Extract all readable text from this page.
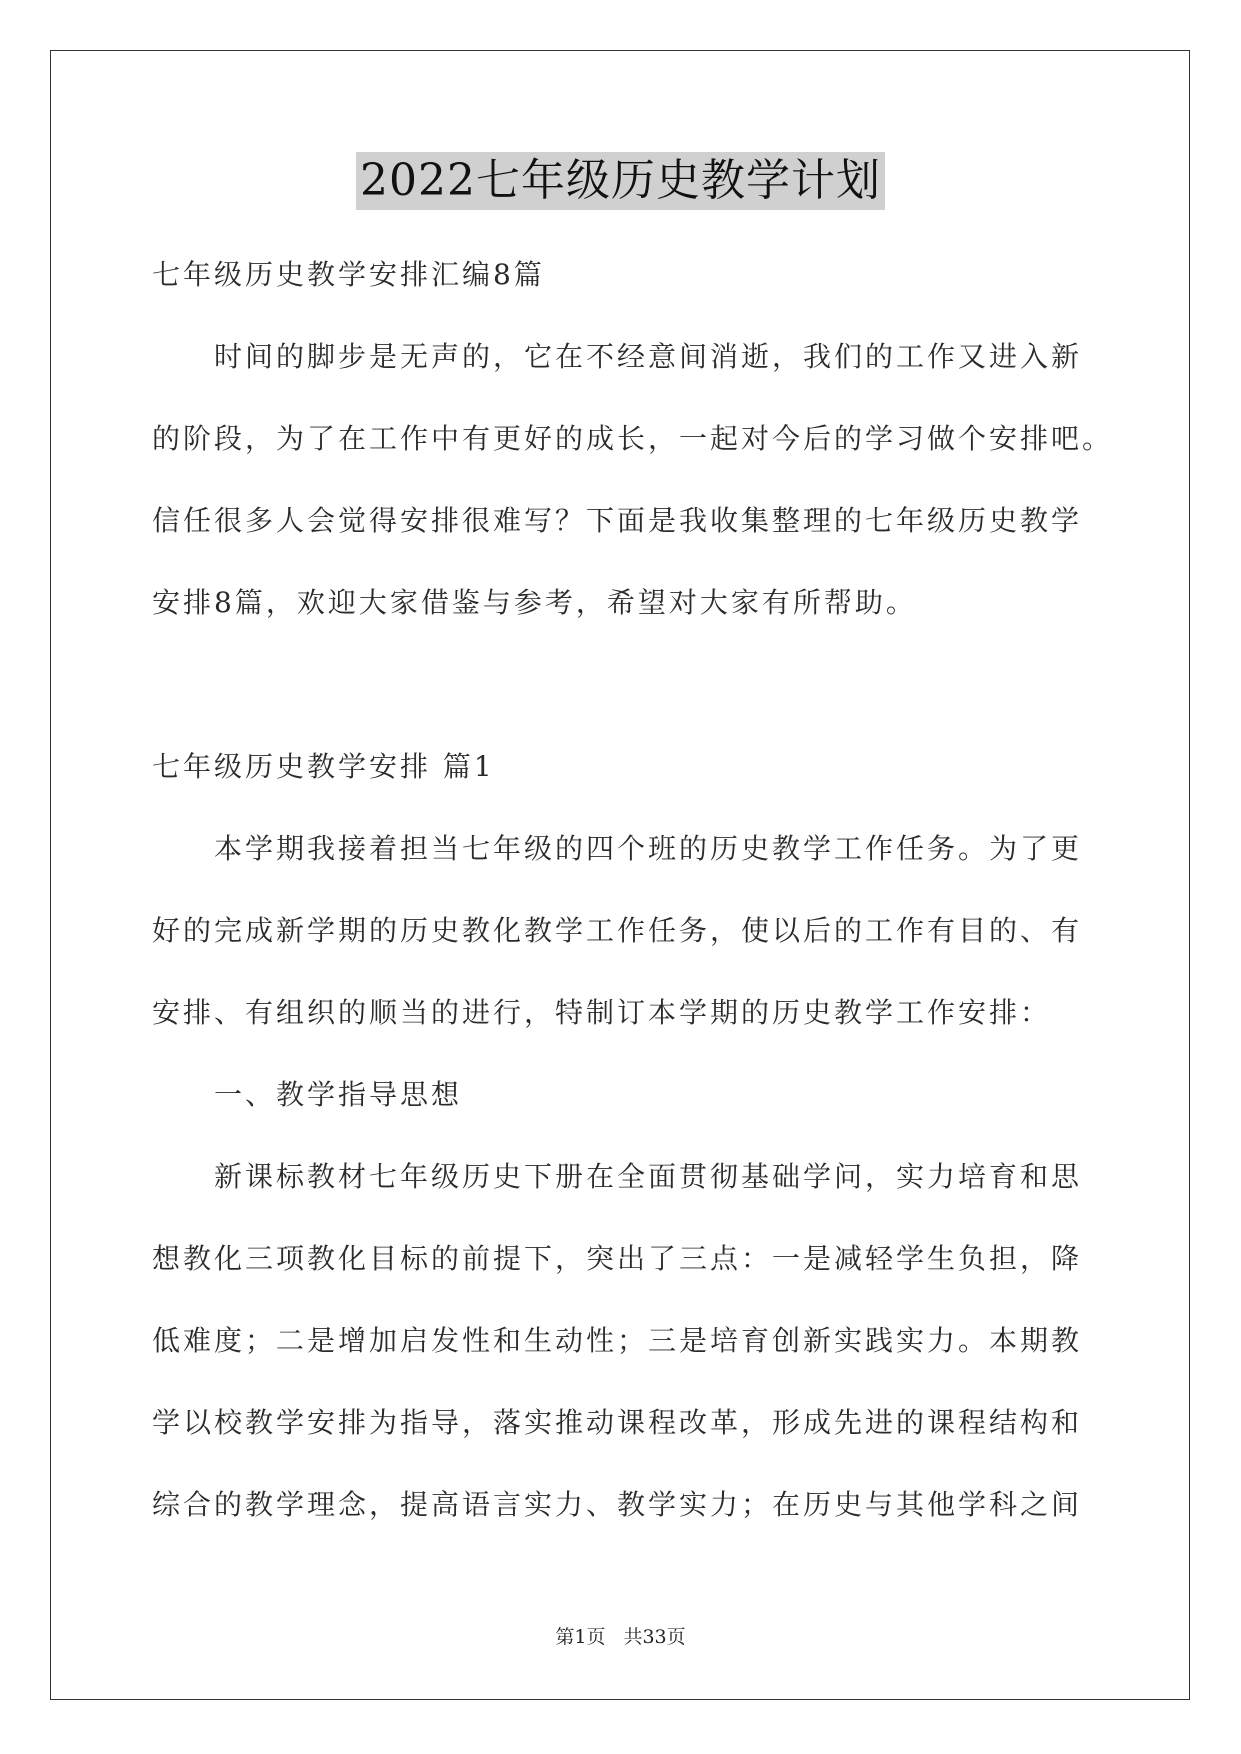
2022七年级历史教学计划
七年级历史教学安排汇编8篇
时间的脚步是无声的，它在不经意间消逝，我们的工作又进入新
的阶段，为了在工作中有更好的成长，一起对今后的学习做个安排吧。
信任很多人会觉得安排很难写？下面是我收集整理的七年级历史教学
安排8篇，欢迎大家借鉴与参考，希望对大家有所帮助。
七年级历史教学安排 篇1
本学期我接着担当七年级的四个班的历史教学工作任务。为了更
好的完成新学期的历史教化教学工作任务，使以后的工作有目的、有
安排、有组织的顺当的进行，特制订本学期的历史教学工作安排：
一、教学指导思想
新课标教材七年级历史下册在全面贯彻基础学问，实力培育和思
想教化三项教化目标的前提下，突出了三点：一是减轻学生负担，降
低难度；二是增加启发性和生动性；三是培育创新实践实力。本期教
学以校教学安排为指导，落实推动课程改革，形成先进的课程结构和
综合的教学理念，提高语言实力、教学实力；在历史与其他学科之间
第1页 共33页
